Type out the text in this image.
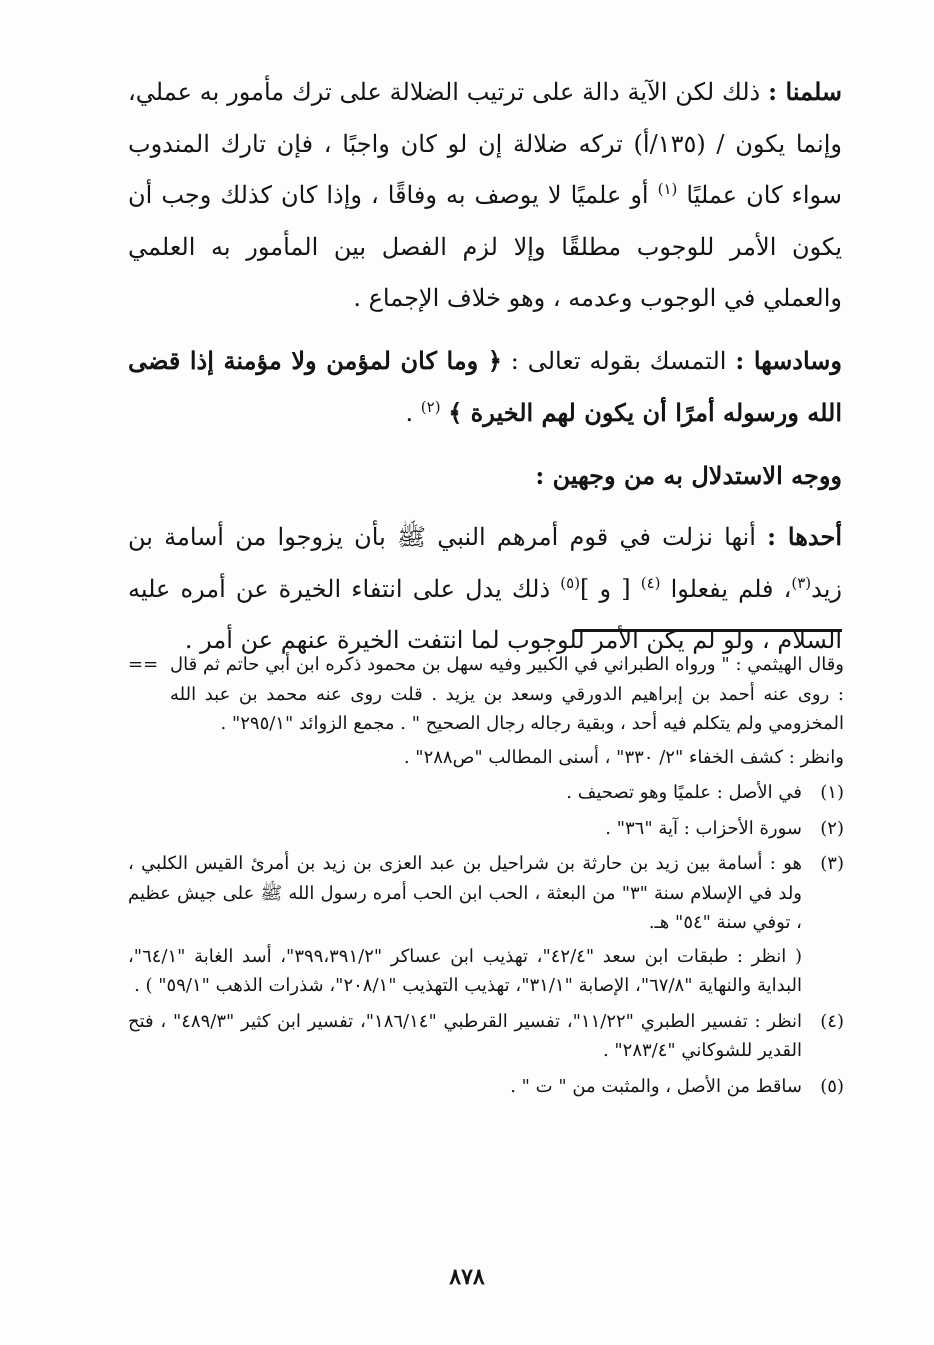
سلمنا : ذلك لكن الآية دالة على ترتيب الضلالة على ترك مأمور به عملي، وإنما يكون / (١٣٥/أ) تركه ضلالة إن لو كان واجبًا ، فإن تارك المندوب سواء كان عمليًا $^{(١)}$ أو علميًا لا يوصف به وفاقًا ، وإذا كان كذلك وجب أن يكون الأمر للوجوب مطلقًا وإلا لزم الفصل بين المأمور به العلمي والعملي في الوجوب وعدمه ، وهو خلاف الإجماع .

وسادسها : التمسك بقوله تعالى : ﴿ وما كان لمؤمن ولا مؤمنة إذا قضى الله ورسوله أمرًا أن يكون لهم الخيرة ﴾ $^{(٢)}$ .

ووجه الاستدلال به من وجهين :

أحدها : أنها نزلت في قوم أمرهم النبي ﷺ بأن يزوجوا من أسامة بن زيد$^{(٣)}$، فلم يفعلوا $^{(٤)}$ [ و ]$^{(٥)}$ ذلك يدل على انتفاء الخيرة عن أمره عليه السلام ، ولو لم يكن الأمر للوجوب لما انتفت الخيرة عنهم عن أمر .

== وقال الهيثمي : " ورواه الطبراني في الكبير وفيه سهل بن محمود ذكره ابن أبي حاتم ثم قال : روى عنه أحمد بن إبراهيم الدورقي وسعد بن يزيد . قلت روى عنه محمد بن عبد الله المخزومي ولم يتكلم فيه أحد ، وبقية رجاله رجال الصحيح " . مجمع الزوائد "٢٩٥/١" .
وانظر : كشف الخفاء "٢/ ٣٣٠" ، أسنى المطالب "ص٢٨٨" .
(١)
في الأصل : علميًا وهو تصحيف .
(٢)
سورة الأحزاب : آية "٣٦" .
(٣)
هو : أسامة بين زيد بن حارثة بن شراحيل بن عبد العزى بن زيد بن أمرئ القيس الكلبي ، ولد في الإسلام سنة "٣" من البعثة ، الحب ابن الحب أمره رسول الله ﷺ على جيش عظيم ، توفي سنة "٥٤" هـ.
( انظر : طبقات ابن سعد "٤٢/٤"، تهذيب ابن عساكر "٣٩٩،٣٩١/٢"، أسد الغابة "٦٤/١"، البداية والنهاية "٦٧/٨"، الإصابة "٣١/١"، تهذيب التهذيب "٢٠٨/١"، شذرات الذهب "٥٩/١" ) .
(٤)
انظر : تفسير الطبري "١١/٢٢"، تفسير القرطبي "١٨٦/١٤"، تفسير ابن كثير "٤٨٩/٣" ، فتح القدير للشوكاني "٢٨٣/٤" .
(٥)
ساقط من الأصل ، والمثبت من " ت " .
٨٧٨
